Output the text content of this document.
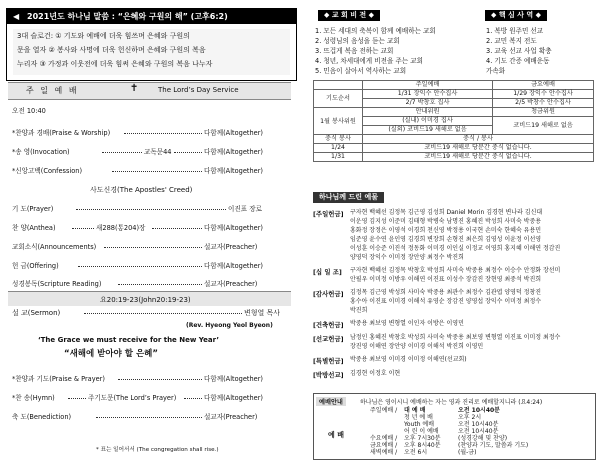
◀ 2021년도 하나님 말씀 : “은혜와 구원의 해” (고후6:2)
3대 슬로건: ① 기도와 예배에 더욱 힘쓰며 은혜와 구원의
문을 열자 ② 봉사와 사명에 더욱 헌신하며 은혜와 구원의 복음
누리자 ③ 가정과 이웃전에 더욱 힘써 은혜와 구원의 복음 나누자
주 일 예 배	✝	The Lord’s Day Service
오전 10:40
*찬양과 경배(Praise & Worship)	다함께(Altogether)
*송 영(Invocation)	교독문44	다함께(Altogether)
*신앙고백(Confession)	다함께(Altogether)
사도신경(The Apostles' Creed)
기 도(Prayer)	이진표 장로
찬 양(Anthea)	새288(통204)장	다함께(Altogether)
교회소식(Announcements)	설교자(Preacher)
헌 금(Offering)	다함께(Altogether)
성경봉독(Scripture Reading)	설교자(Preacher)
요20:19-23(John20:19-23)
설 교(Sermon)	변형열 목사
(Rev. Hyeong Yeol Byeon)
‘The Grace we must receive for the New Year’
“새해에 받아야 할 은혜”
*찬양과 기도(Praise & Prayer)	다함께(Altogether)
*찬 송(Hymn)	주기도문(The Lord’s Prayer)	다함께(Altogether)
축 도(Benediction)	설교자(Preacher)
* 표는 일어서서 (The congregation shall rise.)
◆ 교 회 비 전 ◆	◆ 핵 심 사 역 ◆
1. 모든 세대의 축복이 함께 예배하는 교회
2. 성령님의 음성을 듣는 교회
3. 뜨겁게 복음 전하는 교회
4. 청년, 차세대에게 비전을 주는 교회
5. 민음이 살아서 역사하는 교회
1. 복방 원주민 선교
2. 교민 복지 전도
3. 교육 선교 사업 확충
4. 기도 간증 예배운동
가속화
	주일예배	금요예배
기도순서	1/31 장익수 안수집사	1/29 장익수 안수집사
	2/7 박창호 집사	2/5 박창수 안수집사
1월 봉사위원	안내위원	청금위원
	(실내) 이미경 집사	코비드19 새해로 없음
	(실외) 코비드19 새해로 없음	
중식 봉사	중식 / 봉사	
1/24	코비드19 새해로 당분간 중식 없습니다.	
1/31	코비드19 새해로 당분간 중식 없습니다.	
하나님께 드린 예물
[주일헌금] 구자현 백혜선 김정목 김근영 김성희 Daniel Morin 김경현 변나라 김신대
이운영 김지성 이준미 김태형 박병숙 남명진 홍혜진 박성희 사미숙 박중용
홍화정 장정은 이영석 이경희 천신영 박정용 이국현 손미숙 한혜숙 유용민
임준영 윤수연 윤인영 김경희 변장희 손형진 최은희 김영성 이윤정 이선영
이성훈 이승준 이진석 정동화 이미경 이인실 이정교 이영희 홍지혜 이해연 정감진
양영덕 장익수 이미정 장안양 최정수 박진희
[십 일 조] 구자현 백혜선 김정목 박창호 박성희 사미숙 박중용 최정수 이승수 안정화 장선미
안필우 이미정 이방우 이해연 이진표 이성수 장감진 장현영 최중석 박진희
[감사헌금] 김정목 김근영 박성희 사미숙 박중용 최관수 최정수 김관엽 양영덕 정창진
홍수아 이진표 이미경 이해석 유영순 장감진 양영섭 장익수 이미정 최정수
박진희
[건축헌금] 박중용 최보영 변형열 이인자 이방은 이영민
[선교헌금] 남정인 홍혜진 박창호 박성희 사미숙 박중용 최보영 변형열 이진표 이미정 최정수
장진영 이해연 장안양 이미경 이해석 박진희 이영민
[특별헌금] 박중용 최보영 이미경 이미정 이해연(선교회)
[박방선교] 김경현 이정호 이현
예배안내	하나님은 영이시니 예배하는 자는 영과 진리로 예배할지니라 (요4:24)
예 배
주일예배 / 대 예 배	오전 10시40분
청 년 예 배	오후 2시
Youth 예배	오전 10시40분
어 린 이 예배	오전 10시40분
수요예배 / 오후 7시30분	(성경강해 및 찬양)
금요예배 / 오후 8시40분	(찬양과 기도, 말씀과 기도)
새벽예배 / 오전 6시	(월-금)
